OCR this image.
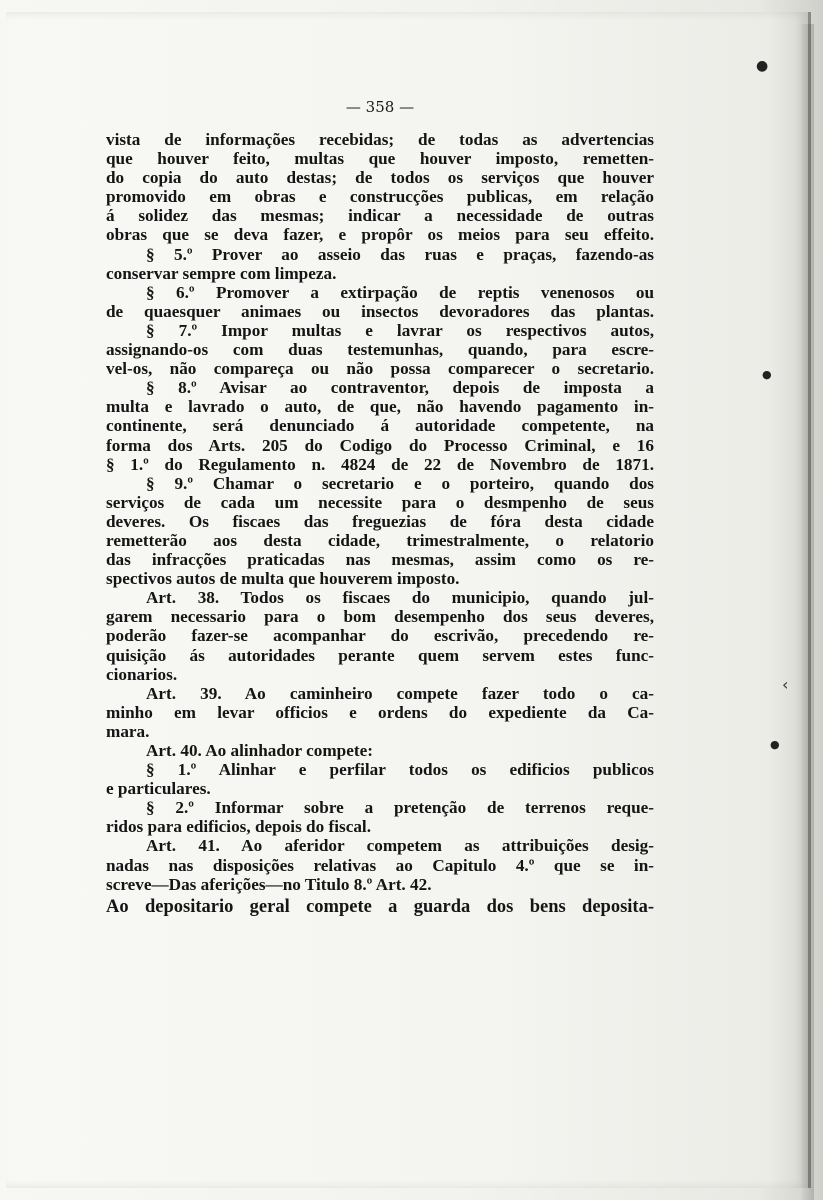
— 358 —
vista de informações recebidas; de todas as advertencias
que houver feito, multas que houver imposto, remetten-
do copia do auto destas; de todos os serviços que houver
promovido em obras e construcções publicas, em relação
á solidez das mesmas; indicar a necessidade de outras
obras que se deva fazer, e propôr os meios para seu effeito.
§ 5.º Prover ao asseio das ruas e praças, fazendo-as
conservar sempre com limpeza.
§ 6.º Promover a extirpação de reptis venenosos ou
de quaesquer animaes ou insectos devoradores das plantas.
§ 7.º Impor multas e lavrar os respectivos autos,
assignando-os com duas testemunhas, quando, para escre-
vel-os, não compareça ou não possa comparecer o secretario.
§ 8.º Avisar ao contraventor, depois de imposta a
multa e lavrado o auto, de que, não havendo pagamento in-
continente, será denunciado á autoridade competente, na
forma dos Arts. 205 do Codigo do Processo Criminal, e 16
§ 1.º do Regulamento n. 4824 de 22 de Novembro de 1871.
§ 9.º Chamar o secretario e o porteiro, quando dos
serviços de cada um necessite para o desmpenho de seus
deveres. Os fiscaes das freguezias de fóra desta cidade
remetterão aos desta cidade, trimestralmente, o relatorio
das infracções praticadas nas mesmas, assim como os re-
spectivos autos de multa que houverem imposto.
Art. 38. Todos os fiscaes do municipio, quando jul-
garem necessario para o bom desempenho dos seus deveres,
poderão fazer-se acompanhar do escrivão, precedendo re-
quisição ás autoridades perante quem servem estes func-
cionarios.
Art. 39. Ao caminheiro compete fazer todo o ca-
minho em levar officios e ordens do expediente da Ca-
mara.
Art. 40. Ao alinhador compete:
§ 1.º Alinhar e perfilar todos os edificios publicos
e particulares.
§ 2.º Informar sobre a pretenção de terrenos reque-
ridos para edificios, depois do fiscal.
Art. 41. Ao aferidor competem as attribuições desig-
nadas nas disposições relativas ao Capitulo 4.º que se in-
screve—Das aferições—no Titulo 8.º Art. 42.
Ao depositario geral compete a guarda dos bens deposita-
●
●
‹
●
